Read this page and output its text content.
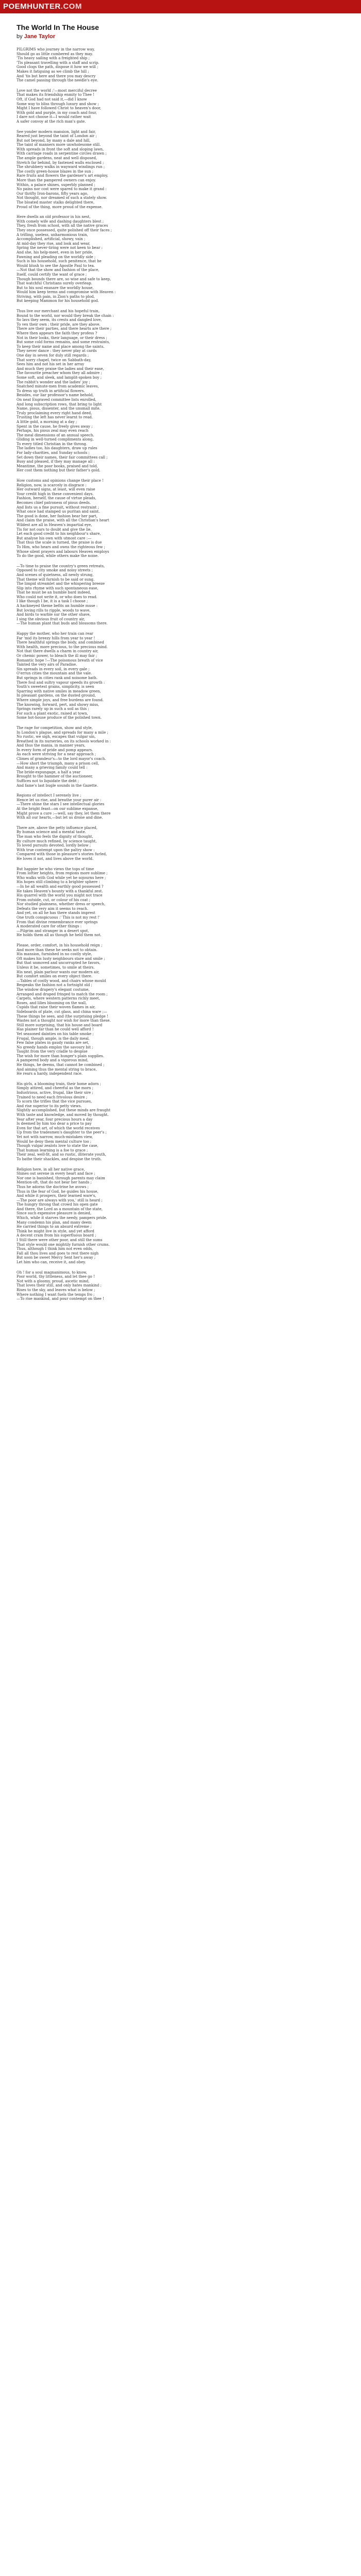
POEMHUNTER.COM
The World In The House
by Jane Taylor
PILGRIMS who journey in the narrow way,
Should go as little cumbered as they may.
'Tis heavy sailing with a freighted ship ;
'Tis pleasant travelling with a staff and scrip.
Good clogs the path, dispose it how we will ;
Makes it fatiguing as we climb the hill ;
And 'tis but here and there you may descry
The camel passing through the needle's eye.
Love not the world ;'—most merciful decree
That makes its friendship enmity to Thee !
Oft, if God had not said it,—did I know
Some way to bliss through luxury and show ;
Might I have followed Christ to heaven's door,
With gold and purple, in my coach and four,
I dare not choose it—I would rather wait
A safer convoy at the rich man's gate.
See yonder modern mansion, light and fair,
Reared just beyond the taint of London air ;
But not beyond, by many a dale and hill,
The taint of manners more unwholesome still.
With spreads in front the soft and sloping lawn,
With carriage roads in serpentine circles drawn ;
The ample gardens, neat and well disposed,
Stretch far behind, by fastened walls enclosed ;
The shrubbery walks in wayward windings run ;
The costly green-house blazes in the sun ;
Rare fruits and flowers the gardener's art employ,
More than the pampered owners can enjoy.
Within, a palace shines, superbly planned ;
No pains nor cost were spared to make it grand :
Our thrifty Iron-barons, fifty years ago,
Not thought, nor dreamed of such a stately show.
The bloated master stalks delighted there,
Proud of the thing, more proud of the expense.
Here dwells an old professor in his nest,
With comely wife and dashing daughters blest ;
They, fresh from school, with all the native graces
They once possessed, quite polished off their faces ;
A trifling, useless, unharmonious train,
Accomplished, artificial, showy, vain ;
At mid-day they rise, and look and wear,
Spring the never-tiring were not keen to bear :
And she, his help-meet, even in her pride,
Fawning and pleading on the worldly side ;
Such is his household, such penitence, that he
Would blush to see the Apostle Paul to tea.
—Not that the show and fashion of the place,
Itself, could certify the want of grace ;
Though bounds there are, so wise and safe to keep,
That watchful Christians surely overleap.
But to his soul ensnare the worldly house,
Would him keep terms and compromise with Heaven :
Striving, with pain, in Zion's paths to plod,
But keeping Mammon for his household god.
Thus live our merchant and his hopeful train,
Bound to the world, nor would they break the chain :
So lavs they seem, its crests and dangled love,
To vex their own ; their pride, are they above.
There are their parties, and there hearts are there ;
Where then appears the faith they profess ?
Not in their looks, their language, or their dress ;
But some cold forms remains, and some restraints,
To keep their name and place among the saints.
They never dance : they never play at cards
One day in seven for duly still regards ;
That sorry chapel, twice on Sabbath-day,
Sees him and not his set in her array
And much they praise the ladies and their ease,
The favourite preacher whom they all admire ;
Some soft, and sleek, and lamplit-spoken boy ;
The rabbit's wonder and the ladies' joy ;
Snatched minute-men from academic leaves,
To dress up truth in artificial flowers.
Besides, our liar professor's name behold,
On neat Engraved committee lists enrolled,
And long subscription rows, that bring to light
Name, pious, dissenter, and the unsmall mite.
Truly proclaiming every right hand deed,
Trusting the left has never learnt to read.
A little gold, a morning at a day ;
Spent in the cause, he freely gives away ;
Perhaps, his pious zeal may even reach
The meal dimensions of an annual speech.
Gliding in well-turned compliments along,
To every titled Christian in the throng.
The ladies too, his daughters, draw up rules
For lady-charities, and Sunday schools ;
Set down their names, their fair committees call ;
Busy and pleased, if they may manage all :
Meantime, the poor books, praised and told,
Her cost them nothing but their father's gold.
How customs and opinions change their place !
Religion, now, is scarcely in disgrace :
Her outward signs, at least, will even raise
Your credit high in these convenient days.
Fashion, herself, the cause of virtue pleads,
Becomes chief patroness of pious deeds.
And lists us a fine pursuit, without restraint ;
What once had stamped us puritan and saint.
The good is done, her fashion bear her part,
And claim the praise, with all the Christian's heart
Wildest are all in Heaven's impartial eye,
Tis for not ours to doubt and give the lie.
Let each good credit to his neighbour's share,
But analyse his own with utmost care :—
That thus the scale is turned, the praise is due
To Him, who hears and owns the righteous few ;
Whose silent prayers and labours Heaven employs
To do the good, while others make the noise.
—To time to praise the country's green retreats,
Opposed to city smoke and noisy streets ;
And scenes of quietness, all newly strung,
That theme will furnish to be said or sung.
The limpid streamlet and the whispering breeze
Slip into rhyme with such spontaneous ease,
That he must be an humble bard indeed,
Who could not write it, or who does to read.
I like though I be, it is a task I choose ;
A hackneyed theme befits an humble muse :
But loving rills to ripple, woods to wave,
And birds to warble sur the other shave,
I sing the obvious fruit of country air,
—The human plant that buds and blossoms there.
Happy the mother, who her train can rear
Far 'mid its breezy hills from year to year !
There healthful springs the body, and combined
With health, more precious, to the precious mind.
Not that there dwells a charm in country air,
Or chemic power, to bleach the ill may fair ;
Romantic hope !—The poisonous breath of vice
Tainted the very airs of Paradise.
Sin spreads in every soil, in every gale ;
O'errun cities the mountain and the vale.
But springs in cities rank and noisome bath.
There foul and sultry vapour speeds its growth :
Youth's sweetest grains, simplicity, is seen
Sparring with native smiles in meadow green,
In pleasant gardens, on the dusted ground,
Where simple joys, and free burdens are found.
The knowing, forward, pert, and showy miss,
Springs rarely up in such a soil as this ;
For such a plant exotic, raised at town,
Some hot-house produce of the polished town.
The rage for competition, show and style,
In London's plague, and spreads for many a mile ;
No rustic, we sigh, escapes that vulgar sin,
Breathed in its nurseries, on its schools worked in :
And thus the mania, in manner years,
In every form of pride and pomp appears.
As each were striving for a near approach ;
Climes of grandeur's—to the lord mayor's coach.
—How short the triumph, many a prison cell,
And many a grieving family could tell :
The bride-expungage, a half a year
Brought to the hammer of the auctioneer,
Suffices not to liquidate the debt ;
And fame's last bugle sounds in the Gazette.
Regions of intellect I serenely live ;
Hence let us rise, and breathe your purer air :
—There shine the stars I see intellectual glories
At the bright feast—on our sublime expanse,
Might prove a cure :—well, say they, let them there
With all our hearts,—but let us drone and dine.
There are, above the petty influence placed,
By human science and a mental taste.
The man who feels the dignity of thought,
By culture much refined, by science taught,
To loved pursuits devoted, lordly below ;
With true contempt upon the paltry show :
Compared with those in pleasure's stories furled,
He loves it not, and lives above the world.
But happier he who views the tops of time
From loftier heights, from regions more sublime ;
Who walks with God while yet he sojourns here ;
His hopes still climbing to a brighter sphere :
—In he all wealth and earthly good possessed ?
He takes Heaven's bounty with a thankful zest.
His quarrel with the world you might not trace
From outside, cut, or colour of his coat ;
Nor studied plainness, whether dress or speech,
Defeats the very aim it seems to reach.
And yet, on all he has there stands imprest
One truth conspicuous :' This is not my rest !'
From that divine remembrance ever springs
A moderated care for other things :
—Pilgrim and stranger in a desert spot,
He holds them all as though he held them not.
Please, order, comfort, in his household reign ;
And more than these he seeks not to obtain.
His mansion, furnished in no costly style,
Oft makes his lusty neighbours stare and smile ;
But that unmoved and uncorrupted he favors,
Unless it be, sometimes, to smile at theirs.
His neat, plain parlour wants our modern air,
But comfort smiles on every object there.
—Tables of costly wood, and chairs whose mould
Bespeaks the fashion not a fortnight old ;
The window drapery's elegant costume,
Arranged and draped fringed to match the room ;
Carpets, where western patterns richly meet,
Roses, and lilies blooming on the wall,
Cupids that raise their woven flames in air,
Sideboards of plate, cut glass, and china ware ;—
These things he sees, and (the surprising pledge !
Wastes not a thought nor wish for more than these.
Still more surprising, that his house and board
Has plainer far than he could well afford !
Yet seasoned dainties on his table smoke ;
Frugal, though ample, is the daily meal.
Few false plates in gaudy ranks are set,
No greedy hands employ the savoury bit ;
Taught from the very cradle to despise
The wish for more than hunger's plain supplies.
A pampered body and a vigorous mind,
He things, he deems, that cannot be combined ;
And aiming thus the mental string to brace,
He rears a hardy, independent race.
His girls, a blooming train, their home adorn ;
Simply attired, and cheerful as the morn ;
Industrious, active, frugal, like their sire ;
Trained to need each frivolous desire ;
To scorn the trifles that the vice pursues,
And rise superior to its petty views.
Slightly accomplished, but these minds are fraught
With taste and knowledge, and moved by thought.
Year after year, four precious hours a day
Is deemed by him too dear a price to pay
Even for that art, of which the world receives
Up from the tradesmen's daughter to the peer's ;
Yet not with narrow, much-mistaken view,
Would he deny them mental culture too ;
Though vulgar zealots love to state the case,
That human learning is a foe to grace ;
Their zeal, well-fit, and so rustic, illiterate youth,
To bathe their shackles, and despise the truth.
Religion here, in all her native grace,
Shines out serene in every heart and face ;
Nor one is banished, through parents may claim
Mention-oft, that do not bear her hands ;
Thus he adorns the doctrine he avows ;
Thus in the fear of God, he guides his house,
And while it prospers, their learned ware's,
—The poor are always with you,' still is heard ;
The hungry throng that crowd his open gate
And there, the Lord as a mountain of the state,
Since such expensive pleasure is denied,
Which, while it starves the needy, pampers pride.
Many condemn his plan, and many deem
He carried things to an absurd extreme ;
Think he might live in style, and yet afford
A decent cram from his superfluous board ;
I Still there were other poor, and still the sums
That style would one mightily furnish other crums.
Thus, although I think him not even odds,
Fall all thou lives and goes to rest there nigh
But soon be sweet Mercy Sent her's away ;
Let him who can, receive it, and obey.
Oh ! for a soul magnanimous, to know,
Poor world, thy littleness, and let thee go !
Not with a gloomy, proud, ascetic mind,
That loves their still, and only hates mankind ;
Rises to the sky, and leaves what is below ;
Where nothing I want fuels the temps fro ;
—To rise mankind, and pour contempt on thee !
